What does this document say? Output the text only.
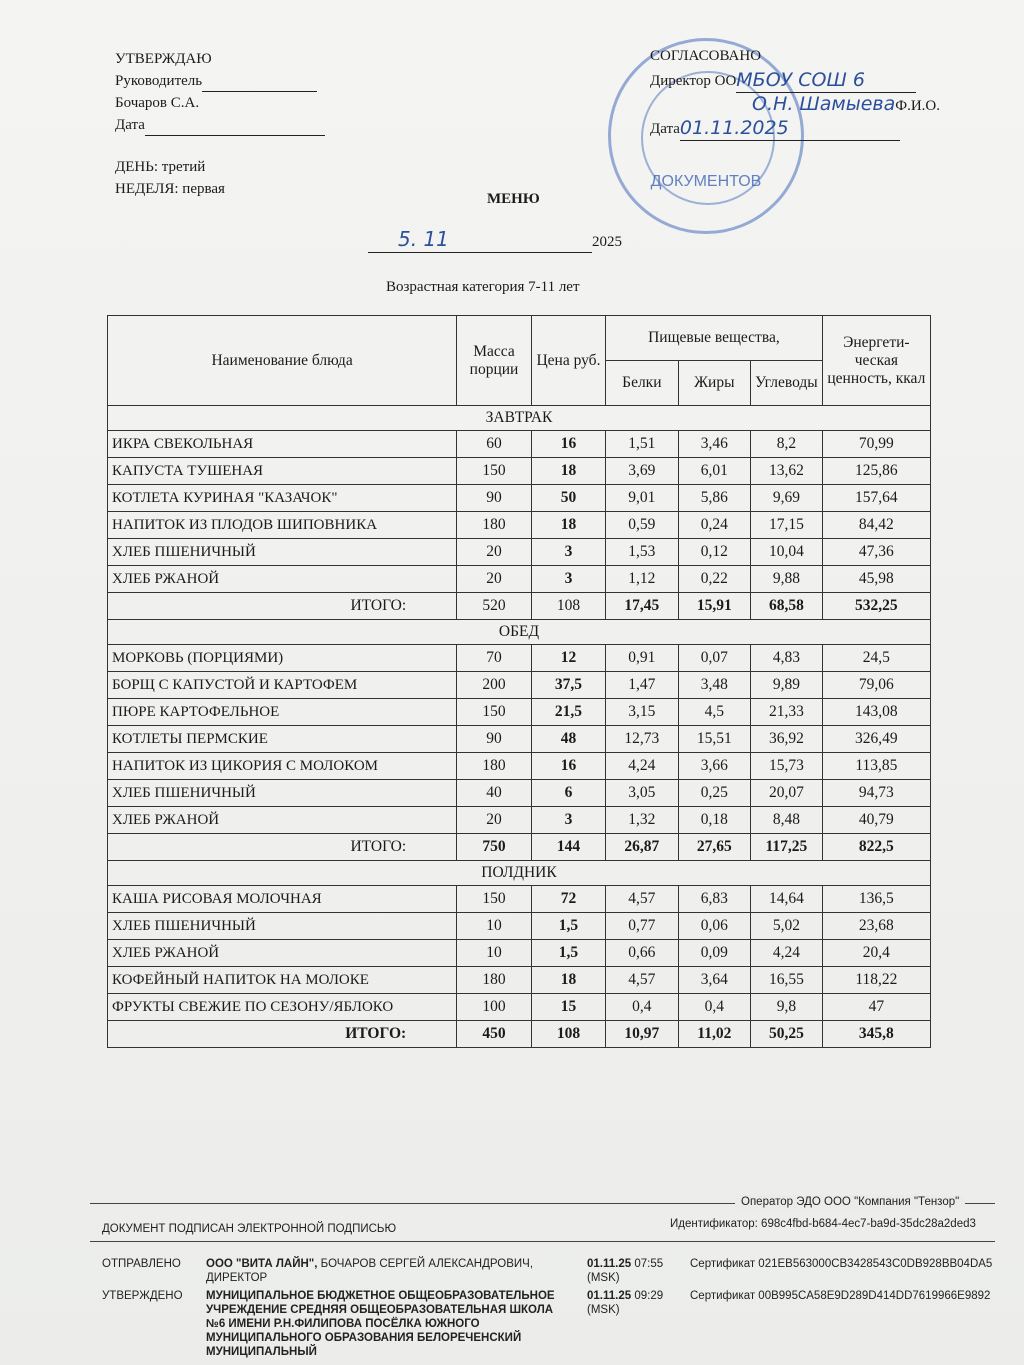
УТВЕРЖДАЮ
Руководитель
Бочаров С.А.
Дата
ДЕНЬ: третий
НЕДЕЛЯ: первая	ДОКУМЕНТОВ
СОГЛАСОВАНО
Директор ООМБОУ СОШ 6
О.Н. ШамыеваФ.И.О.
Дата01.11.2025
МЕНЮ
5. 11	2025
Возрастная категория 7-11 лет
Наименование блюда	Масса порции	Цена руб.	Пищевые вещества,			Энергети-ческая ценность, ккал
			Белки	Жиры	Углеводы	
ЗАВТРАК						
ИКРА СВЕКОЛЬНАЯ	60	16	1,51	3,46	8,2	70,99
КАПУСТА ТУШЕНАЯ	150	18	3,69	6,01	13,62	125,86
КОТЛЕТА КУРИНАЯ "КАЗАЧОК"	90	50	9,01	5,86	9,69	157,64
НАПИТОК ИЗ ПЛОДОВ ШИПОВНИКА	180	18	0,59	0,24	17,15	84,42
ХЛЕБ ПШЕНИЧНЫЙ	20	3	1,53	0,12	10,04	47,36
ХЛЕБ РЖАНОЙ	20	3	1,12	0,22	9,88	45,98
ИТОГО:	520	108	17,45	15,91	68,58	532,25
ОБЕД						
МОРКОВЬ (ПОРЦИЯМИ)	70	12	0,91	0,07	4,83	24,5
БОРЩ С КАПУСТОЙ И КАРТОФЕМ	200	37,5	1,47	3,48	9,89	79,06
ПЮРЕ КАРТОФЕЛЬНОЕ	150	21,5	3,15	4,5	21,33	143,08
КОТЛЕТЫ ПЕРМСКИЕ	90	48	12,73	15,51	36,92	326,49
НАПИТОК ИЗ ЦИКОРИЯ С МОЛОКОМ	180	16	4,24	3,66	15,73	113,85
ХЛЕБ ПШЕНИЧНЫЙ	40	6	3,05	0,25	20,07	94,73
ХЛЕБ РЖАНОЙ	20	3	1,32	0,18	8,48	40,79
ИТОГО:	750	144	26,87	27,65	117,25	822,5
ПОЛДНИК						
КАША РИСОВАЯ МОЛОЧНАЯ	150	72	4,57	6,83	14,64	136,5
ХЛЕБ ПШЕНИЧНЫЙ	10	1,5	0,77	0,06	5,02	23,68
ХЛЕБ РЖАНОЙ	10	1,5	0,66	0,09	4,24	20,4
КОФЕЙНЫЙ НАПИТОК НА МОЛОКЕ	180	18	4,57	3,64	16,55	118,22
ФРУКТЫ СВЕЖИЕ ПО СЕЗОНУ/ЯБЛОКО	100	15	0,4	0,4	9,8	47
ИТОГО:	450	108	10,97	11,02	50,25	345,8
Оператор ЭДО ООО "Компания "Тензор"
ДОКУМЕНТ ПОДПИСАН ЭЛЕКТРОННОЙ ПОДПИСЬЮ	Идентификатор: 698c4fbd-b684-4ec7-ba9d-35dc28a2ded3
ОТПРАВЛЕНО ООО "ВИТА ЛАЙН", БОЧАРОВ СЕРГЕЙ АЛЕКСАНДРОВИЧ, ДИРЕКТОР
01.11.25 07:55
(MSK)
Сертификат 021EB563000CB3428543C0DB928BB04DA5
УТВЕРЖДЕНО МУНИЦИПАЛЬНОЕ БЮДЖЕТНОЕ ОБЩЕОБРАЗОВАТЕЛЬНОЕ УЧРЕЖДЕНИЕ СРЕДНЯЯ ОБЩЕОБРАЗОВАТЕЛЬНАЯ ШКОЛА №6 ИМЕНИ Р.Н.ФИЛИПОВА ПОСЁЛКА ЮЖНОГО МУНИЦИПАЛЬНОГО ОБРАЗОВАНИЯ БЕЛОРЕЧЕНСКИЙ МУНИЦИПАЛЬНЫЙ
01.11.25 09:29
(MSK)
Сертификат 00B995CA58E9D289D414DD7619966E9892
